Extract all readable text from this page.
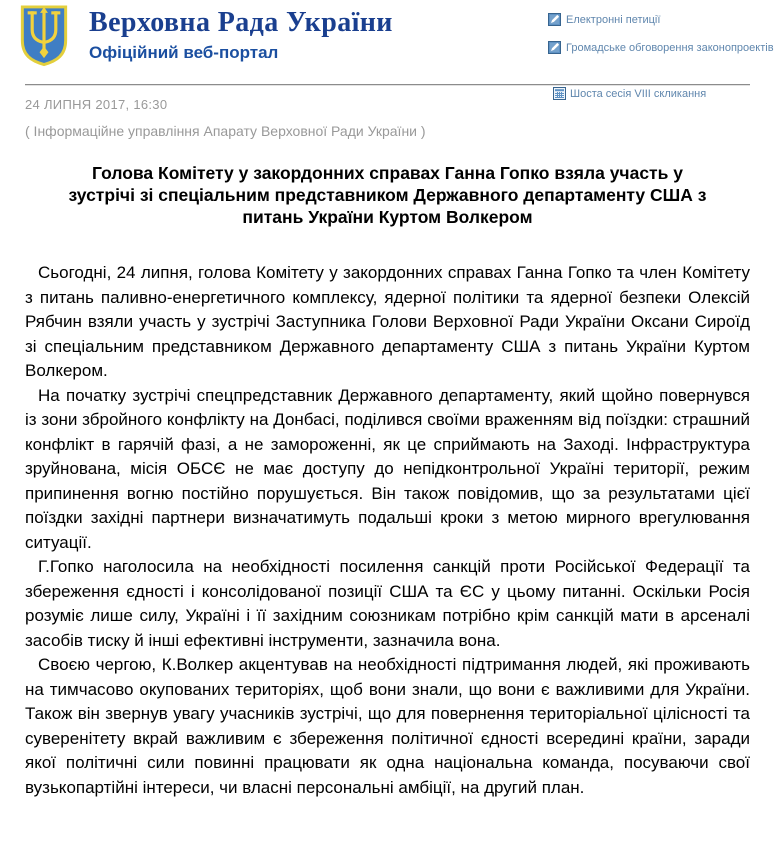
Верховна Рада України
Офіційний веб-портал
Електронні петиції
Громадське обговорення законопроектів
Шоста сесія VIII скликання
24 ЛИПНЯ 2017, 16:30
( Інформаційне управління Апарату Верховної Ради України )
Голова Комітету у закордонних справах Ганна Гопко взяла участь у зустрічі зі спеціальним представником Державного департаменту США з питань України Куртом Волкером

Сьогодні, 24 липня, голова Комітету у закордонних справах Ганна Гопко та член Комітету з питань паливно-енергетичного комплексу, ядерної політики та ядерної безпеки Олексій Рябчин взяли участь у зустрічі Заступника Голови Верховної Ради України Оксани Сироїд зі спеціальним представником Державного департаменту США з питань України Куртом Волкером.

На початку зустрічі спецпредставник Державного департаменту, який щойно повернувся із зони збройного конфлікту на Донбасі, поділився своїми враженням від поїздки: страшний конфлікт в гарячій фазі, а не замороженні, як це сприймають на Заході. Інфраструктура зруйнована, місія ОБСЄ не має доступу до непідконтрольної Україні території, режим припинення вогню постійно порушується. Він також повідомив, що за результатами цієї поїздки західні партнери визначатимуть подальші кроки з метою мирного врегулювання ситуації.

Г.Гопко наголосила на необхідності посилення санкцій проти Російської Федерації та збереження єдності і консолідованої позиції США та ЄС у цьому питанні. Оскільки Росія розуміє лише силу, Україні і її західним союзникам потрібно крім санкцій мати в арсеналі засобів тиску й інші ефективні інструменти, зазначила вона.

Своєю чергою, К.Волкер акцентував на необхідності підтримання людей, які проживають на тимчасово окупованих територіях, щоб вони знали, що вони є важливими для України. Також він звернув увагу учасників зустрічі, що для повернення територіальної цілісності та суверенітету вкрай важливим є збереження політичної єдності всередині країни, заради якої політичні сили повинні працювати як одна національна команда, посуваючи свої вузькопартійні інтереси, чи власні персональні амбіції, на другий план.
